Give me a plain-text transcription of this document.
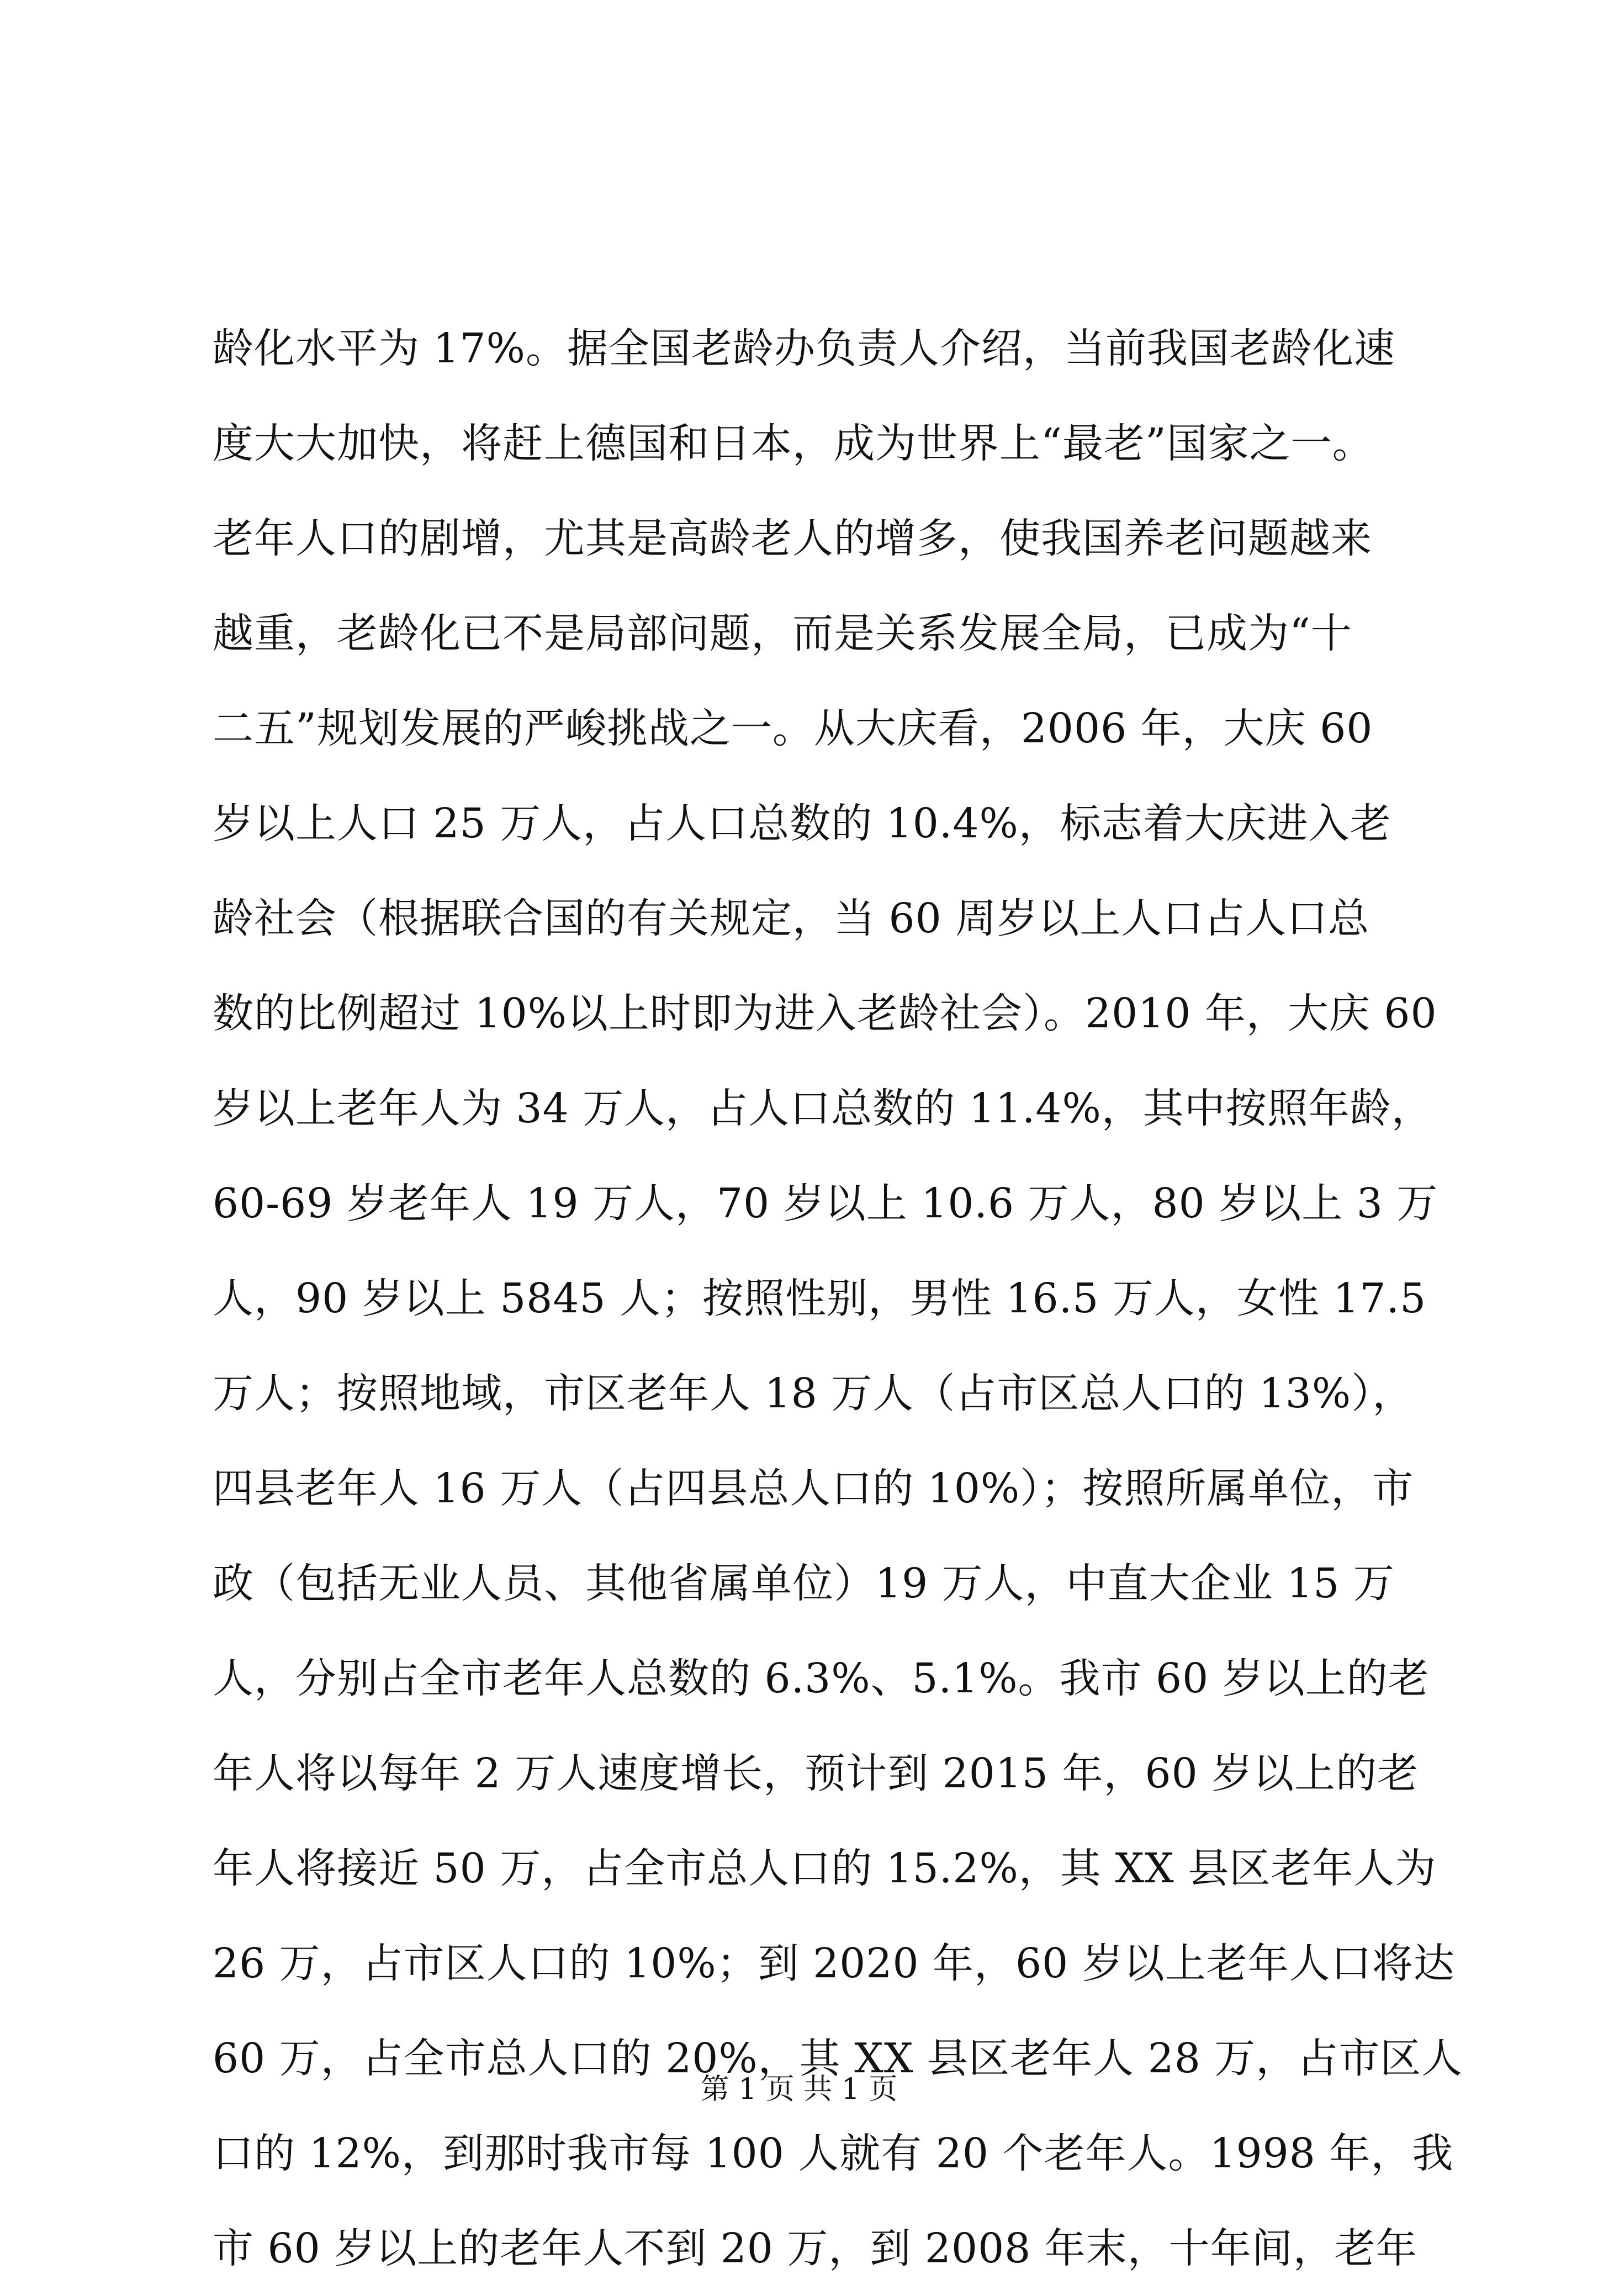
龄化水平为 17%。据全国老龄办负责人介绍，当前我国老龄化速
度大大加快，将赶上德国和日本，成为世界上“最老”国家之一。
老年人口的剧增，尤其是高龄老人的增多，使我国养老问题越来
越重，老龄化已不是局部问题，而是关系发展全局，已成为“十
二五”规划发展的严峻挑战之一。从大庆看，2006 年，大庆 60
岁以上人口 25 万人，占人口总数的 10.4%，标志着大庆进入老
龄社会（根据联合国的有关规定，当 60 周岁以上人口占人口总
数的比例超过 10%以上时即为进入老龄社会）。2010 年，大庆 60
岁以上老年人为 34 万人，占人口总数的 11.4%，其中按照年龄，
60-69 岁老年人 19 万人，70 岁以上 10.6 万人，80 岁以上 3 万
人，90 岁以上 5845 人；按照性别，男性 16.5 万人，女性 17.5
万人；按照地域，市区老年人 18 万人（占市区总人口的 13%），
四县老年人 16 万人（占四县总人口的 10%）；按照所属单位，市
政（包括无业人员、其他省属单位）19 万人，中直大企业 15 万
人，分别占全市老年人总数的 6.3%、5.1%。我市 60 岁以上的老
年人将以每年 2 万人速度增长，预计到 2015 年，60 岁以上的老
年人将接近 50 万，占全市总人口的 15.2%，其 XX 县区老年人为
26 万，占市区人口的 10%；到 2020 年，60 岁以上老年人口将达
60 万，占全市总人口的 20%，其 XX 县区老年人 28 万，占市区人
口的 12%，到那时我市每 100 人就有 20 个老年人。1998 年，我
市 60 岁以上的老年人不到 20 万，到 2008 年末，十年间，老年
第 1 页 共 1 页
